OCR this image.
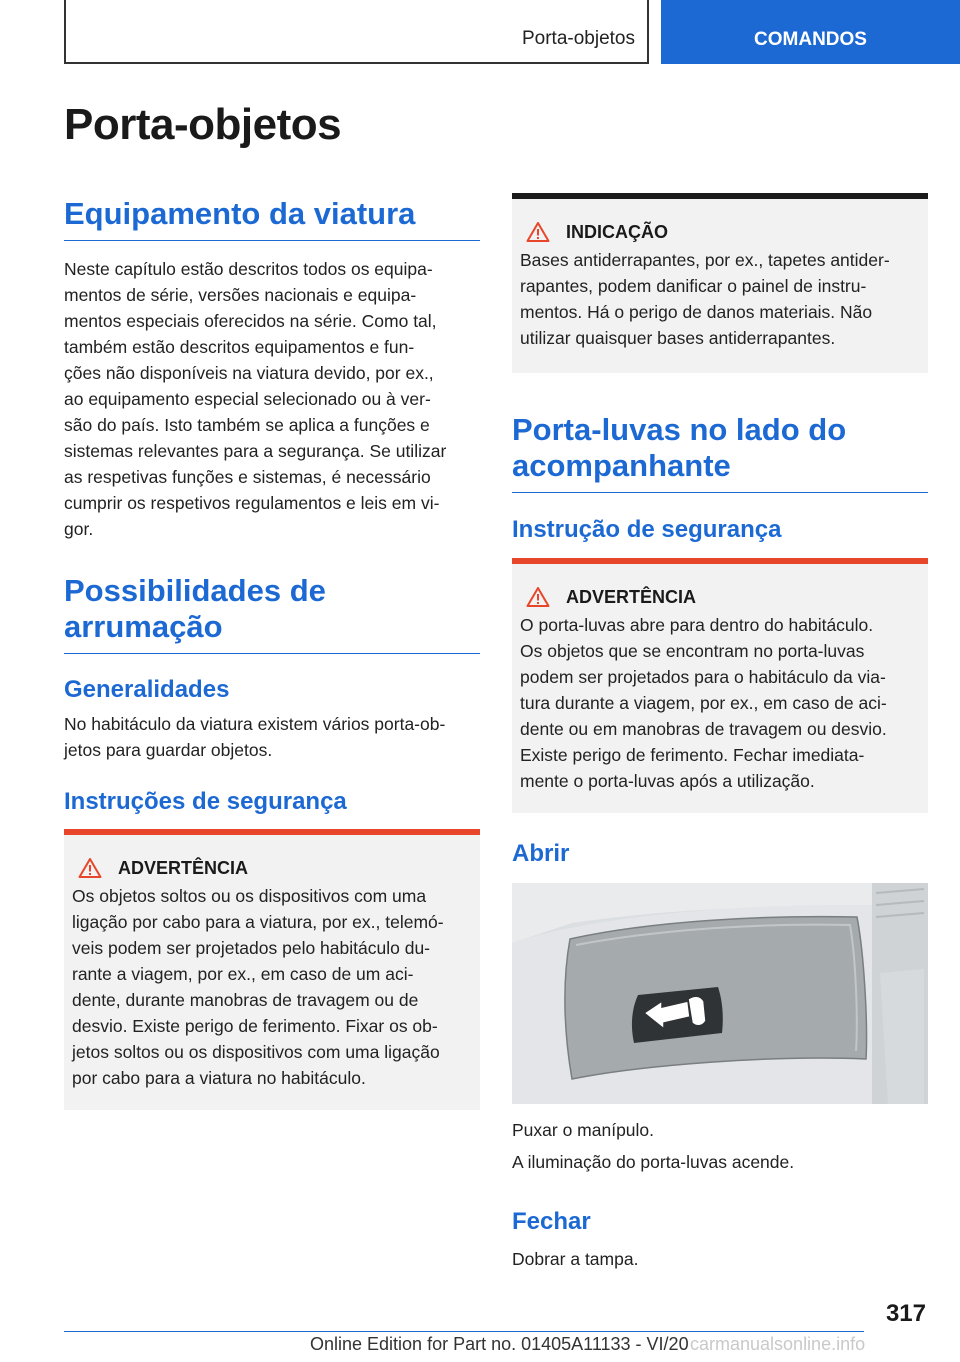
Porta-objetos	COMANDOS
Porta-objetos
Equipamento da viatura

Neste capítulo estão descritos todos os equipa-
mentos de série, versões nacionais e equipa-
mentos especiais oferecidos na série. Como tal,
também estão descritos equipamentos e fun-
ções não disponíveis na viatura devido, por ex.,
ao equipamento especial selecionado ou à ver-
são do país. Isto também se aplica a funções e
sistemas relevantes para a segurança. Se utilizar
as respetivas funções e sistemas, é necessário
cumprir os respetivos regulamentos e leis em vi-
gor.

Possibilidades de
arrumação
Generalidades

No habitáculo da viatura existem vários porta-ob-
jetos para guardar objetos.

Instruções de segurança
ADVERTÊNCIA

Os objetos soltos ou os dispositivos com uma
ligação por cabo para a viatura, por ex., telemó-
veis podem ser projetados pelo habitáculo du-
rante a viagem, por ex., em caso de um aci-
dente, durante manobras de travagem ou de
desvio. Existe perigo de ferimento. Fixar os ob-
jetos soltos ou os dispositivos com uma ligação
por cabo para a viatura no habitáculo.

INDICAÇÃO

Bases antiderrapantes, por ex., tapetes antider-
rapantes, podem danificar o painel de instru-
mentos. Há o perigo de danos materiais. Não
utilizar quaisquer bases antiderrapantes.

Porta-luvas no lado do
acompanhante
Instrução de segurança
ADVERTÊNCIA

O porta-luvas abre para dentro do habitáculo.
Os objetos que se encontram no porta-luvas
podem ser projetados para o habitáculo da via-
tura durante a viagem, por ex., em caso de aci-
dente ou em manobras de travagem ou desvio.
Existe perigo de ferimento. Fechar imediata-
mente o porta-luvas após a utilização.

Abrir

Puxar o manípulo.

A iluminação do porta-luvas acende.

Fechar

Dobrar a tampa.

317
Online Edition for Part no. 01405A11133 - VI/20 carmanualsonline.info
